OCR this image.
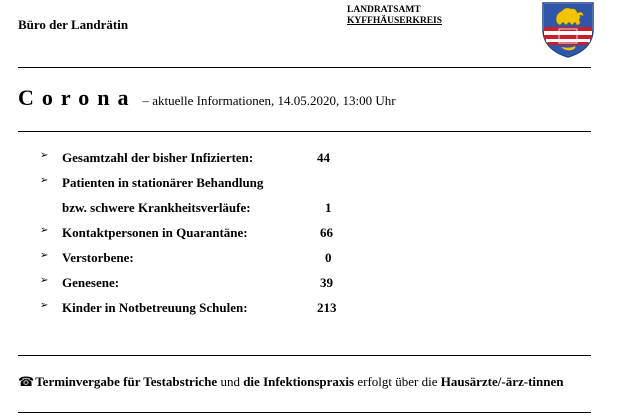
Büro der Landrätin
LANDRATSAMT
KYFFHÄUSERKREIS
Corona – aktuelle Informationen, 14.05.2020, 13:00 Uhr
➢ Gesamtzahl der bisher Infizierten:	44
➢ Patienten in stationärer Behandlung
bzw. schwere Krankheitsverläufe:	1
➢ Kontaktpersonen in Quarantäne:	66
➢ Verstorbene:	0
➢ Genesene:	39
➢ Kinder in Notbetreuung Schulen:	213
☎Terminvergabe für Testabstriche und die Infektionspraxis erfolgt über die Hausärzte/-ärz-tinnen
